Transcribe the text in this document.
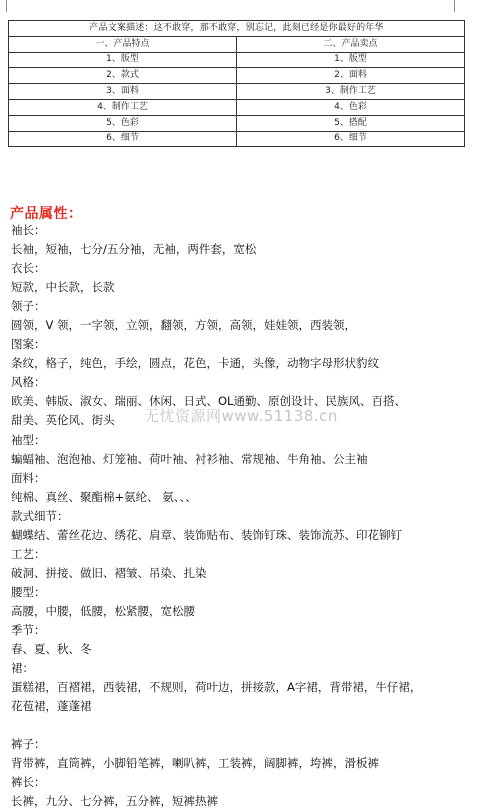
产品文案描述：这不敢穿，那不敢穿，别忘记，此刻已经是你最好的年华	
一、产品特点	二、产品卖点
1、版型	1、版型
2、款式	2、面料
3、面料	3、制作工艺
4、制作工艺	4、色彩
5、色彩	5、搭配
6、细节	6、细节
产品属性：
袖长：
长袖，短袖，七分/五分袖，无袖，两件套，宽松
衣长：
短款，中长款，长款
领子：
圆领，V 领，一字领，立领，翻领，方领，高领，娃娃领，西装领，
图案：
条纹，格子，纯色，手绘，圆点，花色，卡通，头像，动物字母形状豹纹
风格：
欧美、韩版、淑女、瑞丽、休闲、日式、OL通勤、原创设计、民族风、百搭、
甜美、英伦风、街头
袖型：
蝙蝠袖、泡泡袖、灯笼袖、荷叶袖、衬衫袖、常规袖、牛角袖、公主袖
面料：
纯棉、真丝、聚酯棉+氨纶、 氨、、、
款式细节：
蝴蝶结、蕾丝花边、绣花、肩章、装饰贴布、装饰钉珠、装饰流苏、印花铆钉
工艺：
破洞、拼接、做旧、褶皱、吊染、扎染
腰型：
高腰，中腰，低腰，松紧腰，宽松腰
季节：
春、夏、秋、冬
裙：
蛋糕裙，百褶裙，西装裙，不规则，荷叶边，拼接款，A字裙，背带裙，牛仔裙，
花苞裙，蓬蓬裙
裤子：
背带裤，直筒裤，小脚铅笔裤，喇叭裤，工装裤，阔脚裤，垮裤，滑板裤
裤长：
长裤，九分、七分裤，五分裤，短裤热裤
无忧资源网www.51138.cn
